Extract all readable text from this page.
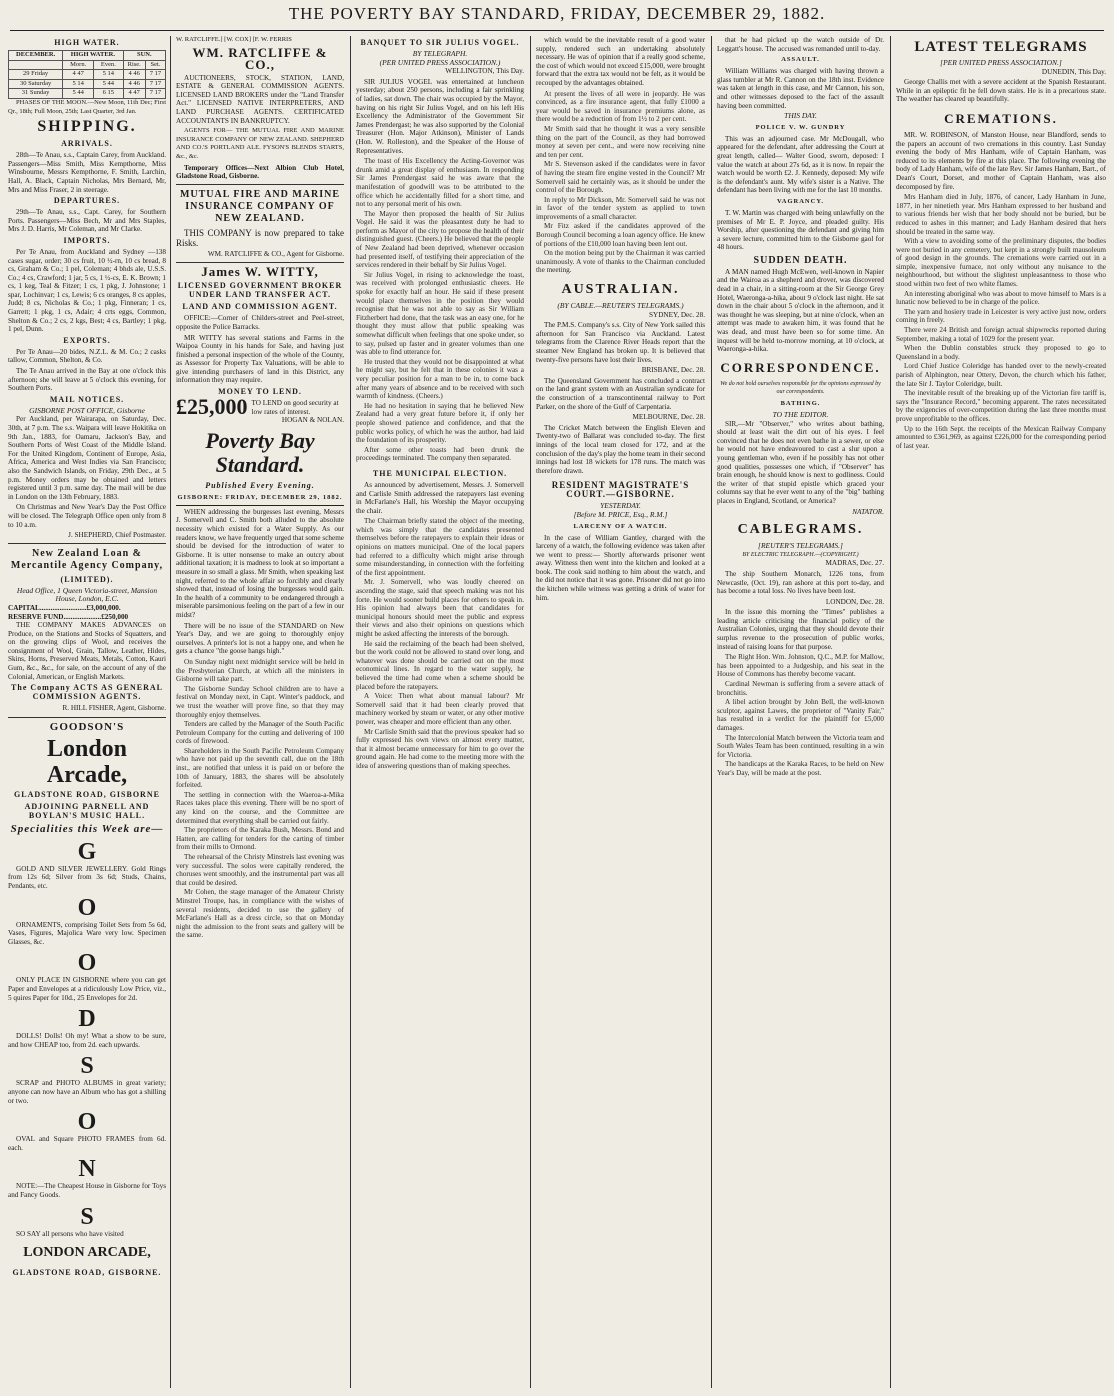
THE POVERTY BAY STANDARD, FRIDAY, DECEMBER 29, 1882.
HIGH WATER.
DECEMBER.	HIGH WATER.		SUN.	
	Morn.	Even.	Rise.	Set.
29 Friday	4 47	5 14	4 46	7 17
30 Saturday	5 14	5 44	4 46	7 17
31 Sunday	5 44	6 15	4 47	7 17
PHASES OF THE MOON.—New Moon, 11th Dec; First Qr., 18th; Full Moon, 25th; Last Quarter, 3rd Jan.
SHIPPING.
ARRIVALS.
28th—Te Anau, s.s., Captain Carey, from Auckland. Passengers—Miss Smith, Miss Kempthorne, Miss Winsbourne, Messrs Kempthorne, F. Smith, Larchin, Hall, A. Black, Captain Nicholas, Mrs Bernard, Mr, Mrs and Miss Fraser, 2 in steerage.
DEPARTURES.
29th—Te Anau, s.s., Capt. Carey, for Southern Ports. Passengers—Miss Bech, Mr and Mrs Staples, Mrs J. D. Harris, Mr Coleman, and Mr Clarke.
IMPORTS.
Per Te Anau, from Auckland and Sydney —138 cases sugar, order; 30 cs fruit, 10 ½-rn, 10 cs bread, 8 cs, Graham & Co.; 1 pel, Coleman; 4 bhds ale, U.S.S. Co.; 4 cs, Crawford; 1 jar, 5 cs, 1 ½-cs, E. K. Brown; 1 cs, 1 keg, Teal & Fitzer; 1 cs, 1 pkg, J. Johnstone; 1 spar, Lochinvar; 1 cs, Lewis; 6 cs oranges, 8 cs apples, Judd; 8 cs, Nicholas & Co.; 1 pkg, Finneran; 1 cs, Garrett; 1 pkg, 1 cs, Adair; 4 crts eggs, Common, Shelton & Co.; 2 cs, 2 kgs, Best; 4 cs, Bartley; 1 pkg, 1 pel, Dunn.
EXPORTS.
Per Te Anau—20 bides, N.Z.L. & M. Co.; 2 casks tallow, Common, Shelton, & Co.
The Te Anau arrived in the Bay at one o'clock this afternoon; she will leave at 5 o'clock this evening, for Southern Ports.
MAIL NOTICES.
GISBORNE POST OFFICE, Gisborne
Per Auckland, per Wairarapa, on Saturday, Dec. 30th, at 7 p.m. The s.s. Waipara will leave Hokitika on 9th Jan., 1883, for Oamaru, Jackson's Bay, and Southern Ports of West Coast of the Middle Island. For the United Kingdom, Continent of Europe, Asia, Africa, America and West Indies via San Francisco; also the Sandwich Islands, on Friday, 29th Dec., at 5 p.m. Money orders may be obtained and letters registered until 3 p.m. same day. The mail will be due in London on the 13th February, 1883.
On Christmas and New Year's Day the Post Office will be closed. The Telegraph Office open only from 8 to 10 a.m.
J. SHEPHERD, Chief Postmaster.
New Zealand Loan & Mercantile Agency Company,
(LIMITED).
Head Office, 1 Queen Victoria-street, Mansion House, London, E.C.
CAPITAL..........................£3,000,000.
RESERVE FUND.....................£250,000
THE COMPANY MAKES ADVANCES on Produce, on the Stations and Stocks of Squatters, and on the growing clips of Wool, and receives the consignment of Wool, Grain, Tallow, Leather, Hides, Skins, Horns, Preserved Meats, Metals, Cotton, Kauri Gum, &c., &c., for sale, on the account of any of the Colonial, American, or English Markets.
The Company ACTS AS GENERAL COMMISSION AGENTS.
R. HILL FISHER, Agent, Gisborne.
GOODSON'S
London Arcade,
GLADSTONE ROAD, GISBORNE
ADJOINING PARNELL AND BOYLAN'S MUSIC HALL.
Specialities this Week are—
G
GOLD AND SILVER JEWELLERY. Gold Rings from 12s 6d; Silver from 3s 6d; Studs, Chains, Pendants, etc.
O
ORNAMENTS, comprising Toilet Sets from 5s 6d, Vases, Figures, Majolica Ware very low. Specimen Glasses, &c.
O
ONLY PLACE IN GISBORNE where you can get Paper and Envelopes at a ridiculously Low Price, viz., 5 quires Paper for 10d., 25 Envelopes for 2d.
D
DOLLS! Dolls! Oh my! What a show to be sure, and how CHEAP too, from 2d. each upwards.
S
SCRAP and PHOTO ALBUMS in great variety; anyone can now have an Album who has got a shilling or two.
O
OVAL and Square PHOTO FRAMES from 6d. each.
N
NOTE:—The Cheapest House in Gisborne for Toys and Fancy Goods.
S
SO SAY all persons who have visited
LONDON ARCADE,
GLADSTONE ROAD, GISBORNE.
W. RATCLIFFE.] [W. COX] [F. W. FERRIS
WM. RATCLIFFE & CO.,
AUCTIONEERS, STOCK, STATION, LAND, ESTATE & GENERAL COMMISSION AGENTS. LICENSED LAND BROKERS under the "Land Transfer Act." LICENSED NATIVE INTERPRETERS, AND LAND PURCHASE AGENTS. CERTIFICATED ACCOUNTANTS IN BANKRUPTCY.
AGENTS FOR— THE MUTUAL FIRE AND MARINE INSURANCE COMPANY OF NEW ZEALAND. SHEPHERD AND CO.'S PORTLAND ALE. FYSON'S BLENDS STARTS, &c., &c.
Temporary Offices—Next Albion Club Hotel, Gladstone Road, Gisborne.
MUTUAL FIRE AND MARINE INSURANCE COMPANY OF NEW ZEALAND.
THIS COMPANY is now prepared to take Risks.
WM. RATCLIFFE & CO., Agent for Gisborne.
James W. WITTY,
LICENSED GOVERNMENT BROKER UNDER LAND TRANSFER ACT.
LAND AND COMMISSION AGENT.
OFFICE:—Corner of Childers-street and Peel-street, opposite the Police Barracks.
MR WITTY has several stations and Farms in the Waipoa County in his hands for Sale, and having just finished a personal inspection of the whole of the County, as Assessor for Property Tax Valuations, will be able to give intending purchasers of land in this District, any information they may require.
MONEY TO LEND.
£25,000 TO LEND on good security at low rates of interest.
HOGAN & NOLAN.
Poverty Bay Standard.
Published Every Evening.
GISBORNE: FRIDAY, DECEMBER 29, 1882.
WHEN addressing the burgesses last evening, Messrs J. Somervell and C. Smith both alluded to the absolute necessity which existed for a Water Supply. As our readers know, we have frequently urged that some scheme should be devised for the introduction of water to Gisborne. It is utter nonsense to make an outcry about additional taxation; it is madness to look at so important a measure in so small a glass. Mr Smith, when speaking last night, referred to the whole affair so forcibly and clearly showed that, instead of losing the burgesses would gain. In the health of a community to be endangered through a miserable parsimonious feeling on the part of a few in our midst?
There will be no issue of the STANDARD on New Year's Day, and we are going to thoroughly enjoy ourselves. A printer's lot is not a happy one, and when he gets a chance "the goose hangs high."

On Sunday night next midnight service will be held in the Presbyterian Church, at which all the ministers in Gisborne will take part.

The Gisborne Sunday School children are to have a festival on Monday next, in Capt. Winter's paddock, and we trust the weather will prove fine, so that they may thoroughly enjoy themselves.

Tenders are called by the Manager of the South Pacific Petroleum Company for the cutting and delivering of 100 cords of firewood.

Shareholders in the South Pacific Petroleum Company who have not paid up the seventh call, due on the 18th inst., are notified that unless it is paid on or before the 10th of January, 1883, the shares will be absolutely forfeited.

The settling in connection with the Waeroa-a-Mika Races takes place this evening. There will be no sport of any kind on the course, and the Committee are determined that everything shall be carried out fairly.

The proprietors of the Karaka Bush, Messrs. Bond and Hatten, are calling for tenders for the carting of timber from their mills to Ormond.

The rehearsal of the Christy Minstrels last evening was very successful. The solos were capitally rendered, the choruses went smoothly, and the instrumental part was all that could be desired.

Mr Cohen, the stage manager of the Amateur Christy Minstrel Troupe, has, in compliance with the wishes of several residents, decided to use the gallery of McFarlane's Hall as a dress circle, so that on Monday night the admission to the front seats and gallery will be the same.

BANQUET TO SIR JULIUS VOGEL.
BY TELEGRAPH.
(PER UNITED PRESS ASSOCIATION.)
WELLINGTON, This Day.
SIR JULIUS VOGEL was entertained at luncheon yesterday; about 250 persons, including a fair sprinkling of ladies, sat down. The chair was occupied by the Mayor, having on his right Sir Julius Vogel, and on his left His Excellency the Administrator of the Government Sir James Prendergast; he was also supported by the Colonial Treasurer (Hon. Major Atkinson), Minister of Lands (Hon. W. Rolleston), and the Speaker of the House of Representatives.

The toast of His Excellency the Acting-Governor was drunk amid a great display of enthusiasm. In responding Sir James Prendergast said he was aware that the manifestation of goodwill was to be attributed to the office which he accidentally filled for a short time, and not to any personal merit of his own.

The Mayor then proposed the health of Sir Julius Vogel. He said it was the pleasantest duty he had to perform as Mayor of the city to propose the health of their distinguished guest. (Cheers.) He believed that the people of New Zealand had been deprived, whenever occasion had presented itself, of testifying their appreciation of the services rendered in their behalf by Sir Julius Vogel.

Sir Julius Vogel, in rising to acknowledge the toast, was received with prolonged enthusiastic cheers. He spoke for exactly half an hour. He said if these present would place themselves in the position they would recognise that he was not able to say as Sir William Fitzherbert had done, that the task was an easy one, for he thought they must allow that public speaking was somewhat difficult when feelings that one spoke under, so to say, pulsed up faster and in greater volumes than one was able to find utterance for.

He trusted that they would not be disappointed at what he might say, but he felt that in these colonies it was a very peculiar position for a man to be in, to come back after many years of absence and to be received with such warmth of kindness. (Cheers.)

He had no hesitation in saying that he believed New Zealand had a very great future before it, if only her people showed patience and confidence, and that the public works policy, of which he was the author, had laid the foundation of its prosperity.

After some other toasts had been drunk the proceedings terminated. The company then separated.

THE MUNICIPAL ELECTION.
As announced by advertisement, Messrs. J. Somervell and Carlisle Smith addressed the ratepayers last evening in McFarlane's Hall, his Worship the Mayor occupying the chair.

The Chairman briefly stated the object of the meeting, which was simply that the candidates presented themselves before the ratepayers to explain their ideas or opinions on matters municipal. One of the local papers had referred to a difficulty which might arise through some misunderstanding, in connection with the forfeiting of the first appointment.

Mr. J. Somervell, who was loudly cheered on ascending the stage, said that speech making was not his forte. He would sooner build places for others to speak in. His opinion had always been that candidates for municipal honours should meet the public and express their views and also their opinions on questions which might be asked affecting the interests of the borough.

He said the reclaiming of the beach had been shelved, but the work could not be allowed to stand over long, and whatever was done should be carried out on the most economical lines. In regard to the water supply, he believed the time had come when a scheme should be placed before the ratepayers.

A Voice: Then what about manual labour? Mr Somervell said that it had been clearly proved that machinery worked by steam or water, or any other motive power, was cheaper and more efficient than any other.

Mr Carlisle Smith said that the previous speaker had so fully expressed his own views on almost every matter, that it almost became unnecessary for him to go over the ground again. He had come to the meeting more with the idea of answering questions than of making speeches.

which would be the inevitable result of a good water supply, rendered such an undertaking absolutely necessary. He was of opinion that if a really good scheme, the cost of which would not exceed £15,000, were brought forward that the extra tax would not be felt, as it would be recouped by the advantages obtained.

At present the lives of all were in jeopardy. He was convinced, as a fire insurance agent, that fully £1000 a year would be saved in insurance premiums alone, as there would be a reduction of from 1½ to 2 per cent.

Mr Smith said that he thought it was a very sensible thing on the part of the Council, as they had borrowed money at seven per cent., and were now receiving nine and ten per cent.

Mr S. Stevenson asked if the candidates were in favor of having the steam fire engine vested in the Council? Mr Somervell said he certainly was, as it should be under the control of the Borough.

In reply to Mr Dickson, Mr. Somervell said he was not in favor of the tender system as applied to town improvements of a small character.

Mr Fitz asked if the candidates approved of the Borough Council becoming a loan agency office. He knew of portions of the £10,000 loan having been lent out.

On the motion being put by the Chairman it was carried unanimously. A vote of thanks to the Chairman concluded the meeting.

AUSTRALIAN.
(BY CABLE.—REUTER'S TELEGRAMS.)
SYDNEY, Dec. 28.
The P.M.S. Company's s.s. City of New York sailed this afternoon for San Francisco via Auckland. Latest telegrams from the Clarence River Heads report that the steamer New England has broken up. It is believed that twenty-five persons have lost their lives.
BRISBANE, Dec. 28.
The Queensland Government has concluded a contract on the land grant system with an Australian syndicate for the construction of a transcontinental railway to Port Parker, on the shore of the Gulf of Carpentaria.
MELBOURNE, Dec. 28.
The Cricket Match between the English Eleven and Twenty-two of Ballarat was concluded to-day. The first innings of the local team closed for 172, and at the conclusion of the day's play the home team in their second innings had lost 18 wickets for 178 runs. The match was therefore drawn.
RESIDENT MAGISTRATE'S COURT.—GISBORNE.
YESTERDAY.
[Before M. PRICE, Esq., R.M.]
LARCENY OF A WATCH.
In the case of William Gantley, charged with the larceny of a watch, the following evidence was taken after we went to press:— Shortly afterwards prisoner went away. Witness then went into the kitchen and looked at a book. The cook said nothing to him about the watch, and he did not notice that it was gone. Prisoner did not go into the kitchen while witness was getting a drink of water for him.
that he had picked up the watch outside of Dr. Leggatt's house. The accused was remanded until to-day.
ASSAULT.
William Williams was charged with having thrown a glass tumbler at Mr R. Cannon on the 18th inst. Evidence was taken at length in this case, and Mr Cannon, his son, and other witnesses deposed to the fact of the assault having been committed.
THIS DAY.
POLICE V. W. GUNDRY
This was an adjourned case. Mr McDougall, who appeared for the defendant, after addressing the Court at great length, called— Walter Good, sworn, deposed: I value the watch at about 27s 6d, as it is now. In repair the watch would be worth £2. J. Kennedy, deposed: My wife is the defendant's aunt. My wife's sister is a Native. The defendant has been living with me for the last 10 months.
VAGRANCY.
T. W. Martin was charged with being unlawfully on the premises of Mr E. P. Joyce, and pleaded guilty. His Worship, after questioning the defendant and giving him a severe lecture, committed him to the Gisborne gaol for 48 hours.
SUDDEN DEATH.
A MAN named Hugh McEwen, well-known in Napier and the Wairoa as a shepherd and drover, was discovered dead in a chair, in a sitting-room at the Sir George Grey Hotel, Waeronga-a-hika, about 9 o'clock last night. He sat down in the chair about 5 o'clock in the afternoon, and it was thought he was sleeping, but at nine o'clock, when an attempt was made to awaken him, it was found that he was dead, and must have been so for some time. An inquest will be held to-morrow morning, at 10 o'clock, at Waeronga-a-hika.
CORRESPONDENCE.
We do not hold ourselves responsible for the opinions expressed by our correspondents.
BATHING.
TO THE EDITOR.
SIR,—Mr "Observer," who writes about bathing, should at least wait the dirt out of his eyes. I feel convinced that he does not even bathe in a sewer, or else he would not have endeavoured to cast a slur upon a young gentleman who, even if he possibly has not other good qualities, possesses one which, if "Observer" has brain enough, he should know is next to godliness. Could the writer of that stupid epistle which graced your columns say that he ever went to any of the "big" bathing places in England, Scotland, or America?
NATATOR.
CABLEGRAMS.
[REUTER'S TELEGRAMS.]
BY ELECTRIC TELEGRAPH.—(COPYRIGHT.)
MADRAS, Dec. 27.
The ship Southern Monarch, 1226 tons, from Newcastle, (Oct. 19), ran ashore at this port to-day, and has become a total loss. No lives have been lost.
LONDON, Dec. 28.
In the issue this morning the "Times" publishes a leading article criticising the financial policy of the Australian Colonies, urging that they should devote their surplus revenue to the prosecution of public works, instead of raising loans for that purpose.

The Right Hon. Wm. Johnston, Q.C., M.P. for Mallow, has been appointed to a Judgeship, and his seat in the House of Commons has thereby become vacant.

Cardinal Newman is suffering from a severe attack of bronchitis.

A libel action brought by John Bell, the well-known sculptor, against Lawes, the proprietor of "Vanity Fair," has resulted in a verdict for the plaintiff for £5,000 damages.

The Intercolonial Match between the Victoria team and South Wales Team has been continued, resulting in a win for Victoria.

The handicaps at the Karaka Races, to be held on New Year's Day, will be made at the post.

LATEST TELEGRAMS
[PER UNITED PRESS ASSOCIATION.]
DUNEDIN, This Day.
George Challis met with a severe accident at the Spanish Restaurant. While in an epileptic fit he fell down stairs. He is in a precarious state. The weather has cleared up beautifully.
CREMATIONS.
MR. W. ROBINSON, of Manston House, near Blandford, sends to the papers an account of two cremations in this country. Last Sunday evening the body of Mrs Hanham, wife of Captain Hanham, was reduced to its elements by fire at this place. The following evening the body of Lady Hanham, wife of the late Rev. Sir James Hanham, Bart., of Dean's Court, Dorset, and mother of Captain Hanham, was also decomposed by fire.

Mrs Hanham died in July, 1876, of cancer, Lady Hanham in June, 1877, in her ninetieth year. Mrs Hanham expressed to her husband and to various friends her wish that her body should not be buried, but be reduced to ashes in this manner; and Lady Hanham desired that hers should be treated in the same way.

With a view to avoiding some of the preliminary disputes, the bodies were not buried in any cemetery, but kept in a strongly built mausoleum of good design in the grounds. The cremations were carried out in a simple, inexpensive furnace, not only without any nuisance to the neighbourhood, but without the slightest unpleasantness to those who stood within two feet of two white flames.

An interesting aboriginal who was about to move himself to Mars is a lunatic now believed to be in charge of the police.

The yarn and hosiery trade in Leicester is very active just now, orders coming in freely.

There were 24 British and foreign actual shipwrecks reported during September, making a total of 1029 for the present year.

When the Dublin constables struck they proposed to go to Queensland in a body.

Lord Chief Justice Coleridge has handed over to the newly-created parish of Alphington, near Ottery, Devon, the church which his father, the late Sir J. Taylor Coleridge, built.

The inevitable result of the breaking up of the Victorian fire tariff is, says the "Insurance Record," becoming apparent. The rates necessitated by the exigencies of over-competition during the last three months must prove unprofitable to the offices.

Up to the 16th Sept. the receipts of the Mexican Railway Company amounted to £361,969, as against £226,000 for the corresponding period of last year.
